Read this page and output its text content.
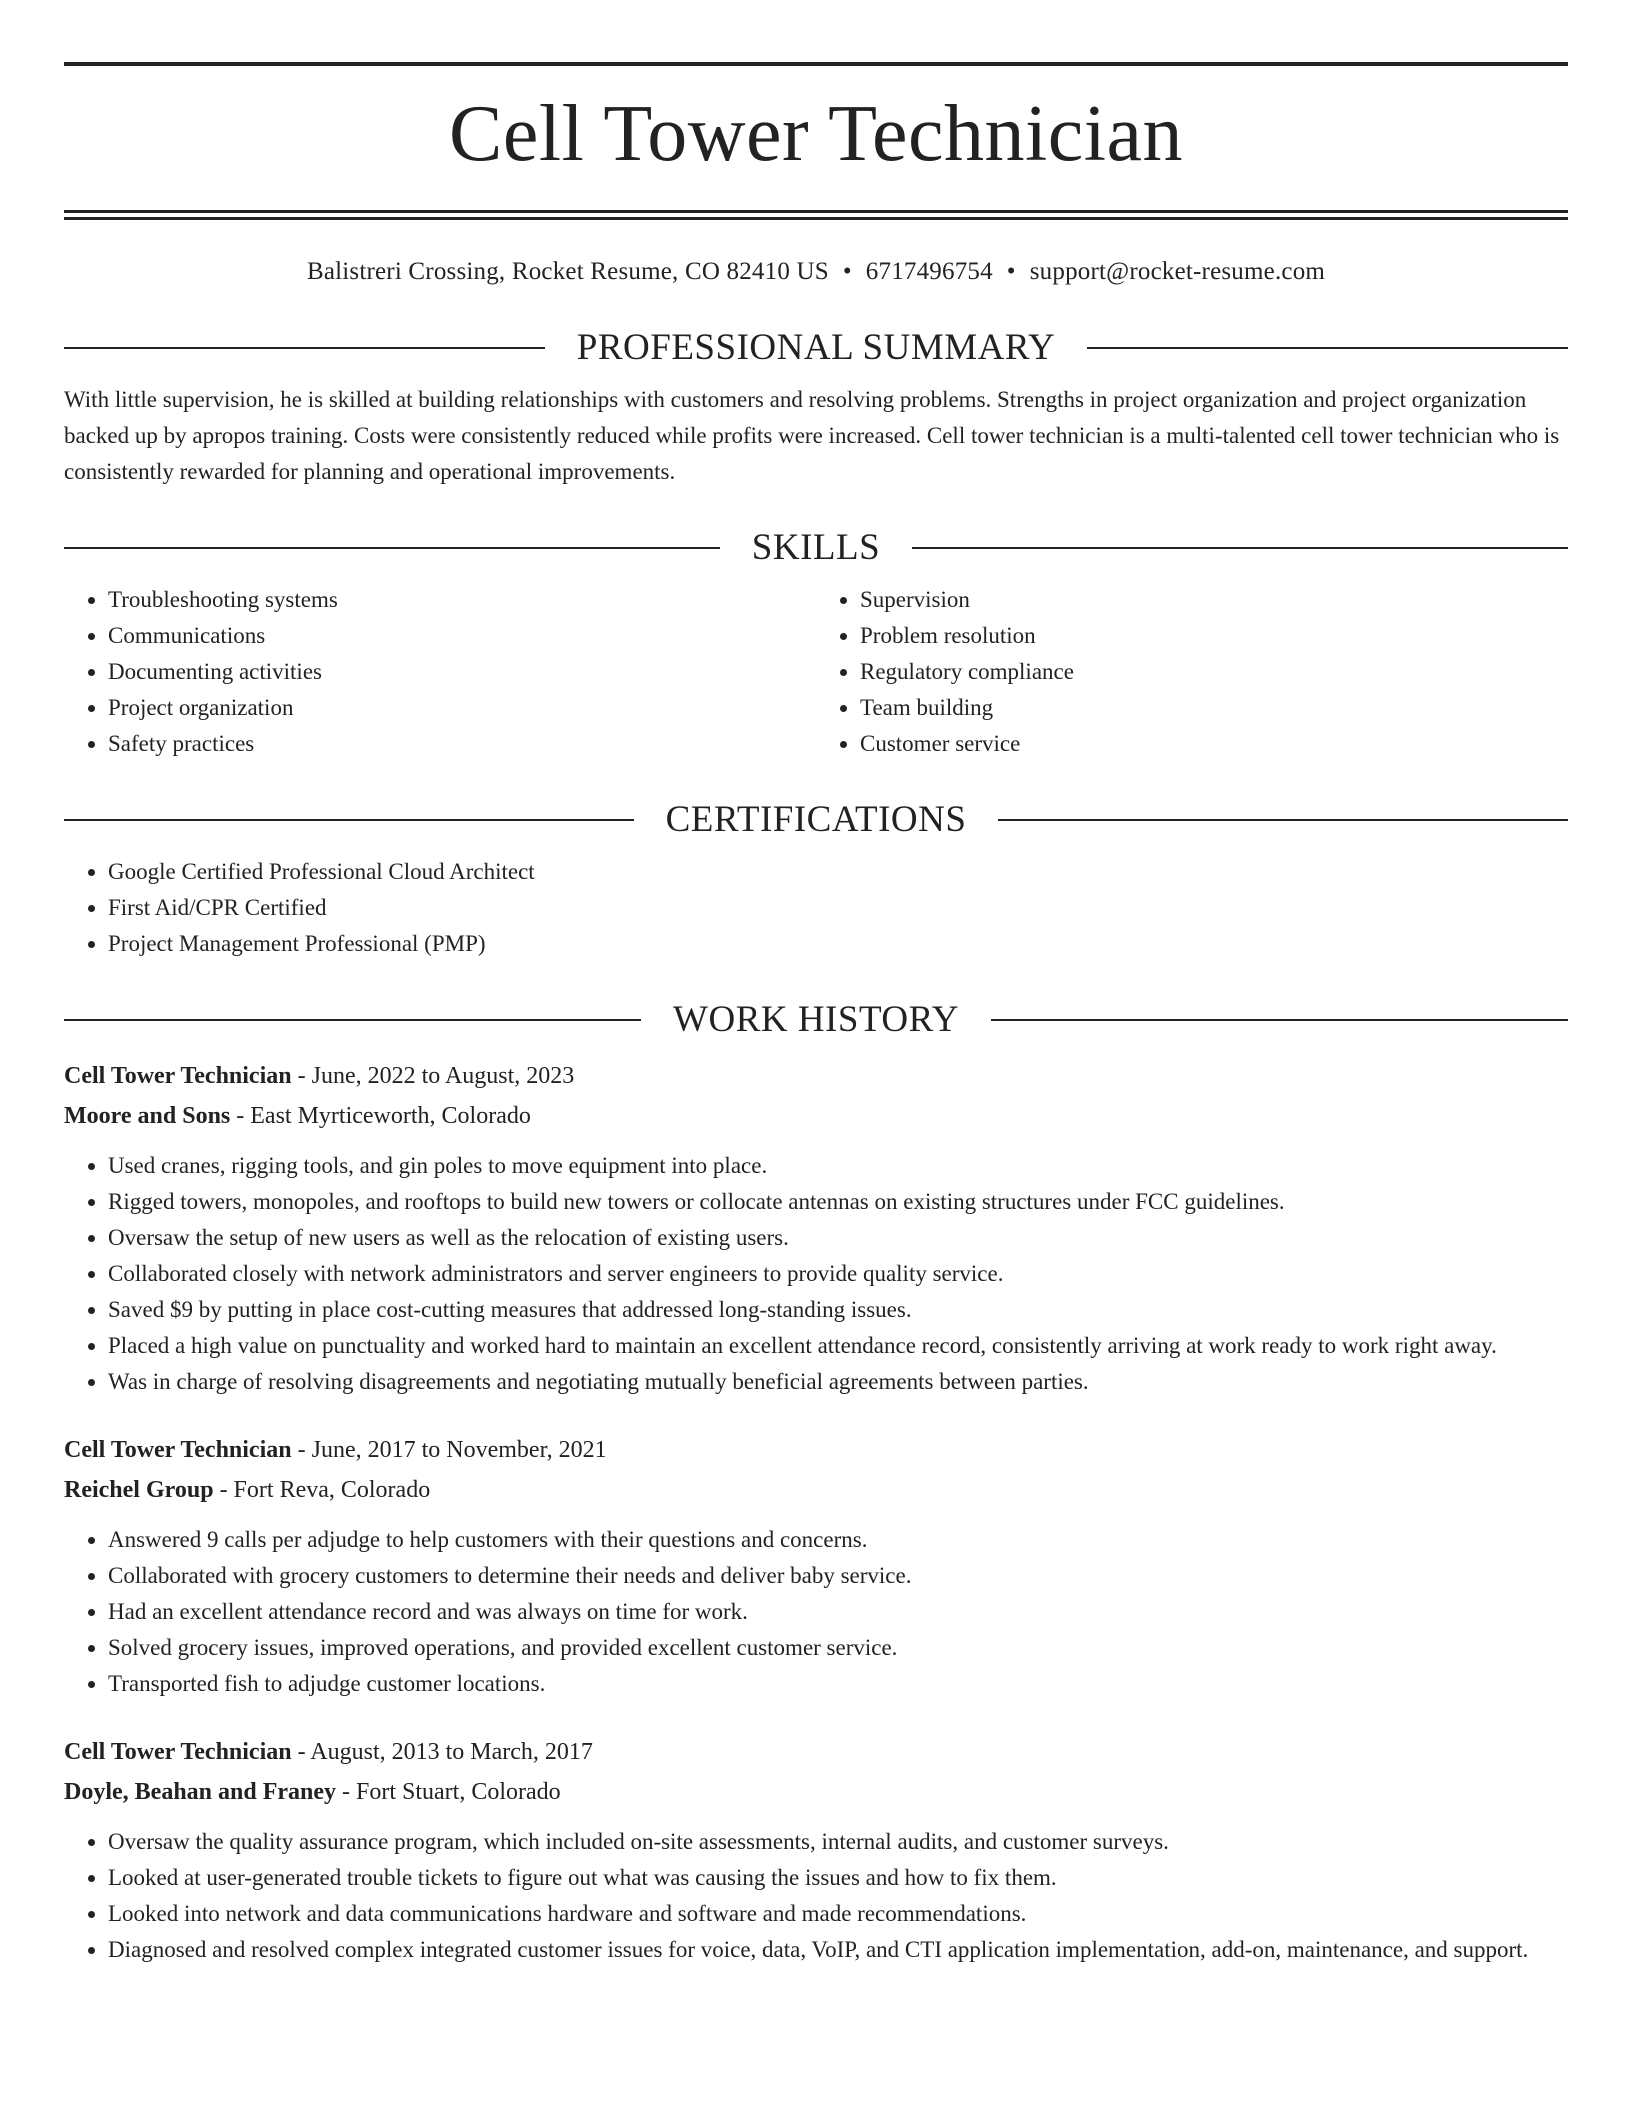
Cell Tower Technician
Balistreri Crossing, Rocket Resume, CO 82410 US • 6717496754 • support@rocket-resume.com
PROFESSIONAL SUMMARY

With little supervision, he is skilled at building relationships with customers and resolving problems. Strengths in project organization and project organization backed up by apropos training. Costs were consistently reduced while profits were increased. Cell tower technician is a multi-talented cell tower technician who is consistently rewarded for planning and operational improvements.

SKILLS
• Troubleshooting systems
• Communications
• Documenting activities
• Project organization
• Safety practices
• Supervision
• Problem resolution
• Regulatory compliance
• Team building
• Customer service
CERTIFICATIONS
• Google Certified Professional Cloud Architect
• First Aid/CPR Certified
• Project Management Professional (PMP)
WORK HISTORY
Cell Tower Technician - June, 2022 to August, 2023
Moore and Sons - East Myrticeworth, Colorado
• Used cranes, rigging tools, and gin poles to move equipment into place.
• Rigged towers, monopoles, and rooftops to build new towers or collocate antennas on existing structures under FCC guidelines.
• Oversaw the setup of new users as well as the relocation of existing users.
• Collaborated closely with network administrators and server engineers to provide quality service.
• Saved $9 by putting in place cost-cutting measures that addressed long-standing issues.
• Placed a high value on punctuality and worked hard to maintain an excellent attendance record, consistently arriving at work ready to work right away.
• Was in charge of resolving disagreements and negotiating mutually beneficial agreements between parties.
Cell Tower Technician - June, 2017 to November, 2021
Reichel Group - Fort Reva, Colorado
• Answered 9 calls per adjudge to help customers with their questions and concerns.
• Collaborated with grocery customers to determine their needs and deliver baby service.
• Had an excellent attendance record and was always on time for work.
• Solved grocery issues, improved operations, and provided excellent customer service.
• Transported fish to adjudge customer locations.
Cell Tower Technician - August, 2013 to March, 2017
Doyle, Beahan and Franey - Fort Stuart, Colorado
• Oversaw the quality assurance program, which included on-site assessments, internal audits, and customer surveys.
• Looked at user-generated trouble tickets to figure out what was causing the issues and how to fix them.
• Looked into network and data communications hardware and software and made recommendations.
• Diagnosed and resolved complex integrated customer issues for voice, data, VoIP, and CTI application implementation, add-on, maintenance, and support.
